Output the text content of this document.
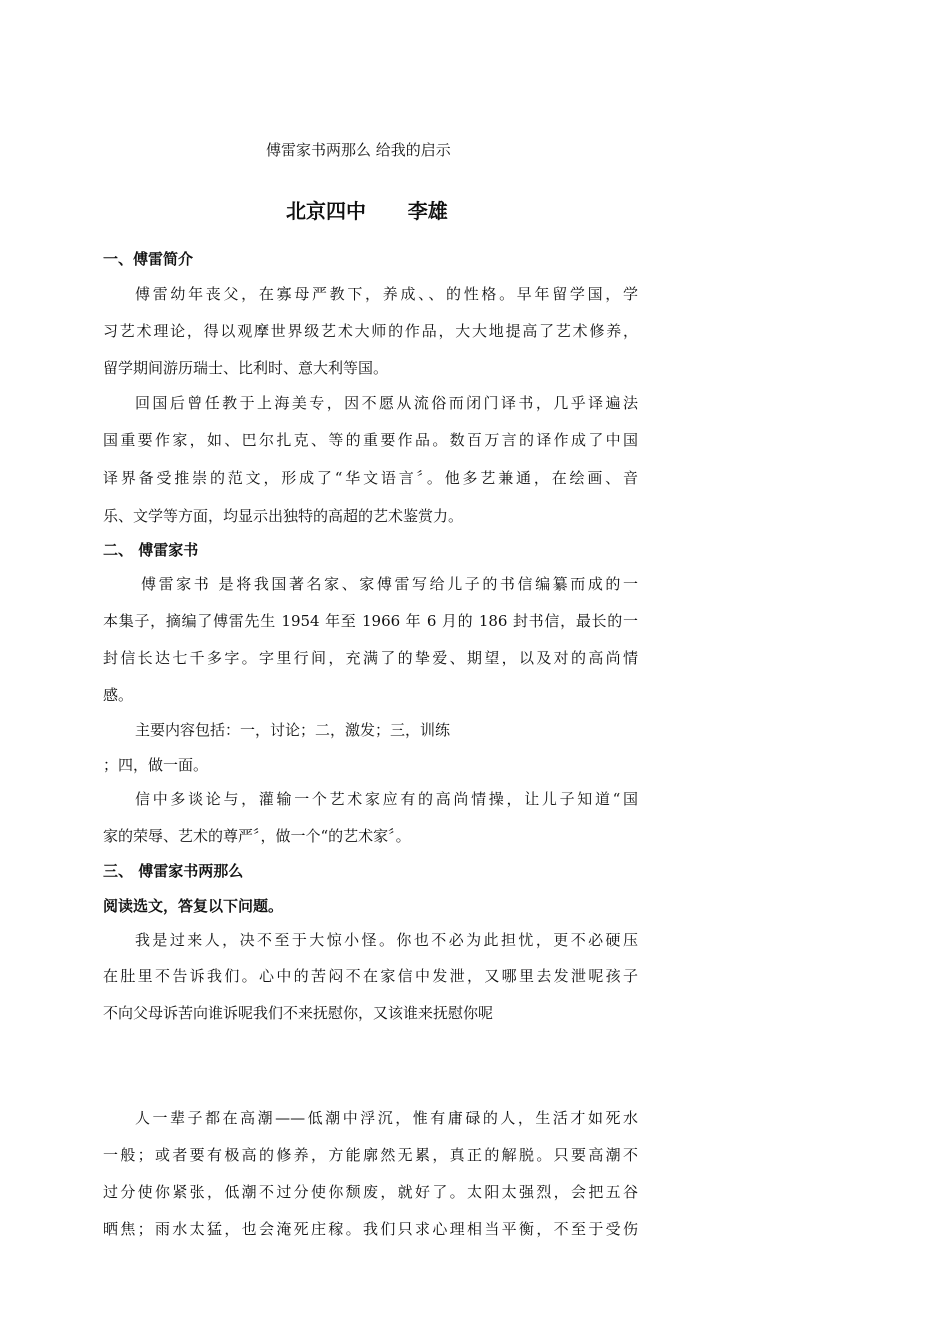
傅雷家书两那么 给我的启示
北京四中      李雄
一、傅雷简介
傅雷幼年丧父，在寡母严教下，养成、、的性格。早年留学国，学
习艺术理论，得以观摩世界级艺术大师的作品，大大地提高了艺术修养，
留学期间游历瑞士、比利时、意大利等国。
回国后曾任教于上海美专，因不愿从流俗而闭门译书，几乎译遍法
国重要作家，如、巴尔扎克、等的重要作品。数百万言的译作成了中国
译界备受推崇的范文，形成了“华文语言〞。他多艺兼通，在绘画、音
乐、文学等方面，均显示出独特的高超的艺术鉴赏力。
二、 傅雷家书
傅雷家书 是将我国著名家、家傅雷写给儿子的书信编纂而成的一
本集子，摘编了傅雷先生 1954 年至 1966 年 6 月的 186 封书信，最长的一
封信长达七千多字。字里行间，充满了的挚爱、期望，以及对的高尚情
感。
主要内容包括：一，讨论；二，激发；三，训练
；四，做一面。
信中多谈论与，灌输一个艺术家应有的高尚情操，让儿子知道“国
家的荣辱、艺术的尊严〞，做一个“的艺术家〞。
三、 傅雷家书两那么
阅读选文，答复以下问题。
我是过来人，决不至于大惊小怪。你也不必为此担忧，更不必硬压
在肚里不告诉我们。心中的苦闷不在家信中发泄，又哪里去发泄呢孩子
不向父母诉苦向谁诉呢我们不来抚慰你，又该谁来抚慰你呢
人一辈子都在高潮——低潮中浮沉，惟有庸碌的人，生活才如死水
一般；或者要有极高的修养，方能廓然无累，真正的解脱。只要高潮不
过分使你紧张，低潮不过分使你颓废，就好了。太阳太强烈，会把五谷
晒焦；雨水太猛，也会淹死庄稼。我们只求心理相当平衡，不至于受伤
